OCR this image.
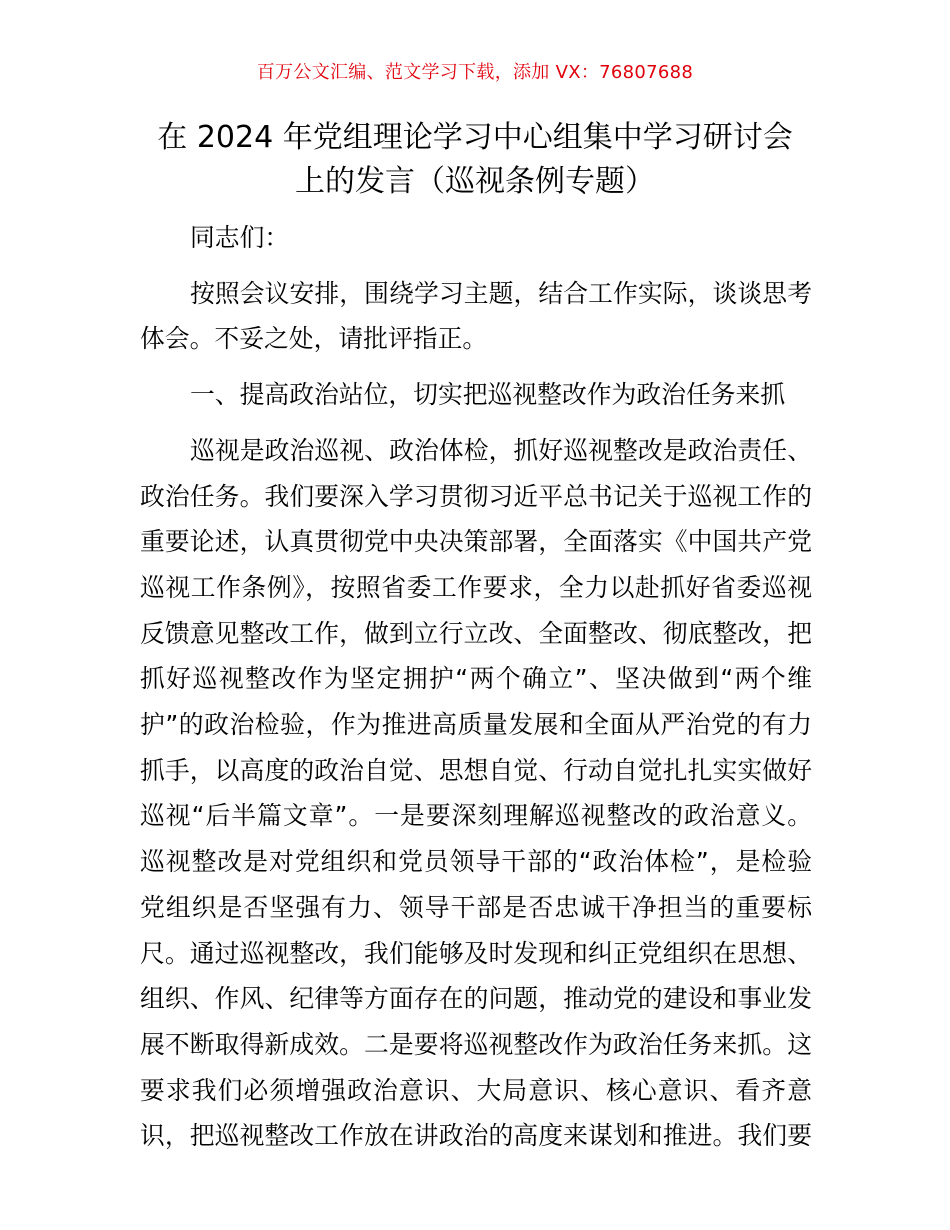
百万公文汇编、范文学习下载，添加 VX：76807688
在 2024 年党组理论学习中心组集中学习研讨会
上的发言（巡视条例专题）

同志们：

按照会议安排，围绕学习主题，结合工作实际，谈谈思考
体会。不妥之处，请批评指正。

一、提高政治站位，切实把巡视整改作为政治任务来抓

巡视是政治巡视、政治体检，抓好巡视整改是政治责任、
政治任务。我们要深入学习贯彻习近平总书记关于巡视工作的
重要论述，认真贯彻党中央决策部署，全面落实《中国共产党
巡视工作条例》，按照省委工作要求，全力以赴抓好省委巡视
反馈意见整改工作，做到立行立改、全面整改、彻底整改，把
抓好巡视整改作为坚定拥护“两个确立”、坚决做到“两个维
护”的政治检验，作为推进高质量发展和全面从严治党的有力
抓手，以高度的政治自觉、思想自觉、行动自觉扎扎实实做好
巡视“后半篇文章”。一是要深刻理解巡视整改的政治意义。
巡视整改是对党组织和党员领导干部的“政治体检”，是检验
党组织是否坚强有力、领导干部是否忠诚干净担当的重要标
尺。通过巡视整改，我们能够及时发现和纠正党组织在思想、
组织、作风、纪律等方面存在的问题，推动党的建设和事业发
展不断取得新成效。二是要将巡视整改作为政治任务来抓。这
要求我们必须增强政治意识、大局意识、核心意识、看齐意
识，把巡视整改工作放在讲政治的高度来谋划和推进。我们要
